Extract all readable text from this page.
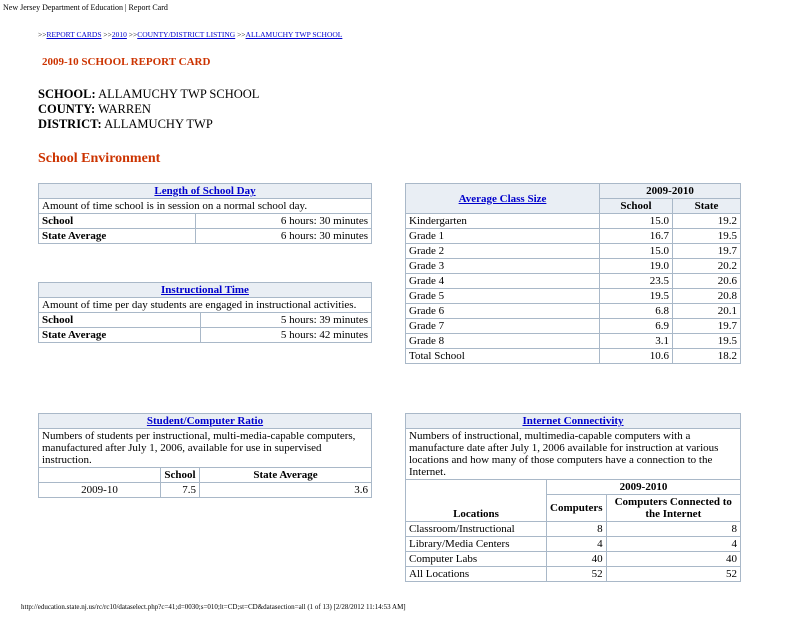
New Jersey Department of Education | Report Card
>>REPORT CARDS >>2010 >>COUNTY/DISTRICT LISTING >>ALLAMUCHY TWP SCHOOL
2009-10 SCHOOL REPORT CARD
SCHOOL: ALLAMUCHY TWP SCHOOL
COUNTY: WARREN
DISTRICT: ALLAMUCHY TWP
School Environment
Length of School Day	
Amount of time school is in session on a normal school day.	
School	6 hours: 30 minutes
State Average	6 hours: 30 minutes
Instructional Time	
Amount of time per day students are engaged in instructional activities.	
School	5 hours: 39 minutes
State Average	5 hours: 42 minutes
Student/Computer Ratio		
Numbers of students per instructional, multi-media-capable computers, manufactured after July 1, 2006, available for use in supervised instruction.		
	School	State Average
2009-10	7.5	3.6
Average Class Size	2009-2010	
	School	State
Kindergarten	15.0	19.2
Grade 1	16.7	19.5
Grade 2	15.0	19.7
Grade 3	19.0	20.2
Grade 4	23.5	20.6
Grade 5	19.5	20.8
Grade 6	6.8	20.1
Grade 7	6.9	19.7
Grade 8	3.1	19.5
Total School	10.6	18.2
Internet Connectivity		
Numbers of instructional, multimedia-capable computers with a manufacture date after July 1, 2006 available for instruction at various locations and how many of those computers have a connection to the Internet.		
Locations	2009-2010	
	Computers	Computers Connected to the Internet
Classroom/Instructional	8	8
Library/Media Centers	4	4
Computer Labs	40	40
All Locations	52	52
http://education.state.nj.us/rc/rc10/dataselect.php?c=41;d=0030;s=010;lt=CD;st=CD&datasection=all (1 of 13) [2/28/2012 11:14:53 AM]
